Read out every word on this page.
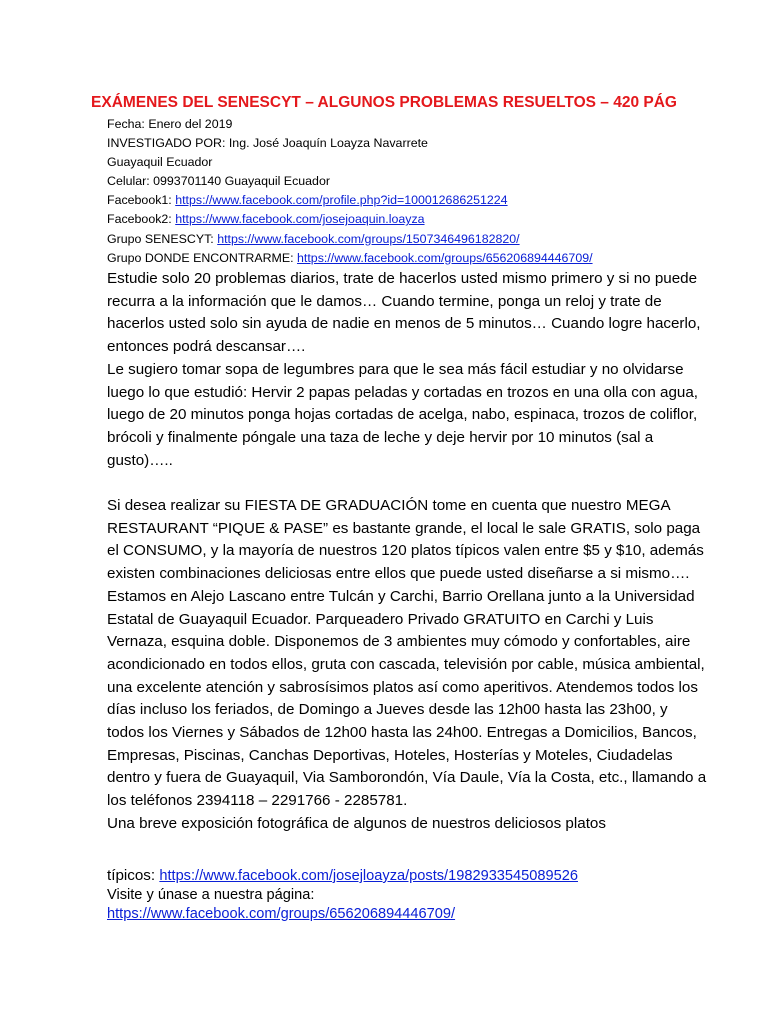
EXÁMENES DEL SENESCYT – ALGUNOS PROBLEMAS RESUELTOS – 420 PÁG
Fecha: Enero del 2019
INVESTIGADO POR: Ing. José Joaquín Loayza Navarrete
Guayaquil Ecuador
Celular: 0993701140 Guayaquil Ecuador
Facebook1: https://www.facebook.com/profile.php?id=100012686251224
Facebook2: https://www.facebook.com/josejoaquin.loayza
Grupo SENESCYT: https://www.facebook.com/groups/1507346496182820/
Grupo DONDE ENCONTRARME: https://www.facebook.com/groups/656206894446709/

Estudie solo 20 problemas diarios, trate de hacerlos usted mismo primero y si no puede recurra a la información que le damos… Cuando termine, ponga un reloj y trate de hacerlos usted solo sin ayuda de nadie en menos de 5 minutos… Cuando logre hacerlo, entonces podrá descansar….

Le sugiero tomar sopa de legumbres para que le sea más fácil estudiar y no olvidarse luego lo que estudió: Hervir 2 papas peladas y cortadas en trozos en una olla con agua, luego de 20 minutos ponga hojas cortadas de acelga, nabo, espinaca, trozos de coliflor, brócoli y finalmente póngale una taza de leche y deje hervir por 10 minutos (sal a gusto)…..

Si desea realizar su FIESTA DE GRADUACIÓN tome en cuenta que nuestro MEGA RESTAURANT “PIQUE & PASE” es bastante grande, el local le sale GRATIS, solo paga el CONSUMO, y la mayoría de nuestros 120 platos típicos valen entre $5 y $10, además existen combinaciones deliciosas entre ellos que puede usted diseñarse a si mismo…. Estamos en Alejo Lascano entre Tulcán y Carchi, Barrio Orellana junto a la Universidad Estatal de Guayaquil Ecuador. Parqueadero Privado GRATUITO en Carchi y Luis Vernaza, esquina doble. Disponemos de 3 ambientes muy cómodo y confortables, aire acondicionado en todos ellos, gruta con cascada, televisión por cable, música ambiental, una excelente atención y sabrosísimos platos así como aperitivos. Atendemos todos los días incluso los feriados, de Domingo a Jueves desde las 12h00 hasta las 23h00, y todos los Viernes y Sábados de 12h00 hasta las 24h00. Entregas a Domicilios, Bancos, Empresas, Piscinas, Canchas Deportivas, Hoteles, Hosterías y Moteles, Ciudadelas dentro y fuera de Guayaquil, Via Samborondón, Vía Daule, Vía la Costa, etc., llamando a los teléfonos 2394118 – 2291766 - 2285781.

Una breve exposición fotográfica de algunos de nuestros deliciosos platos

típicos: https://www.facebook.com/josejloayza/posts/1982933545089526
Visite y únase a nuestra página:
https://www.facebook.com/groups/656206894446709/
